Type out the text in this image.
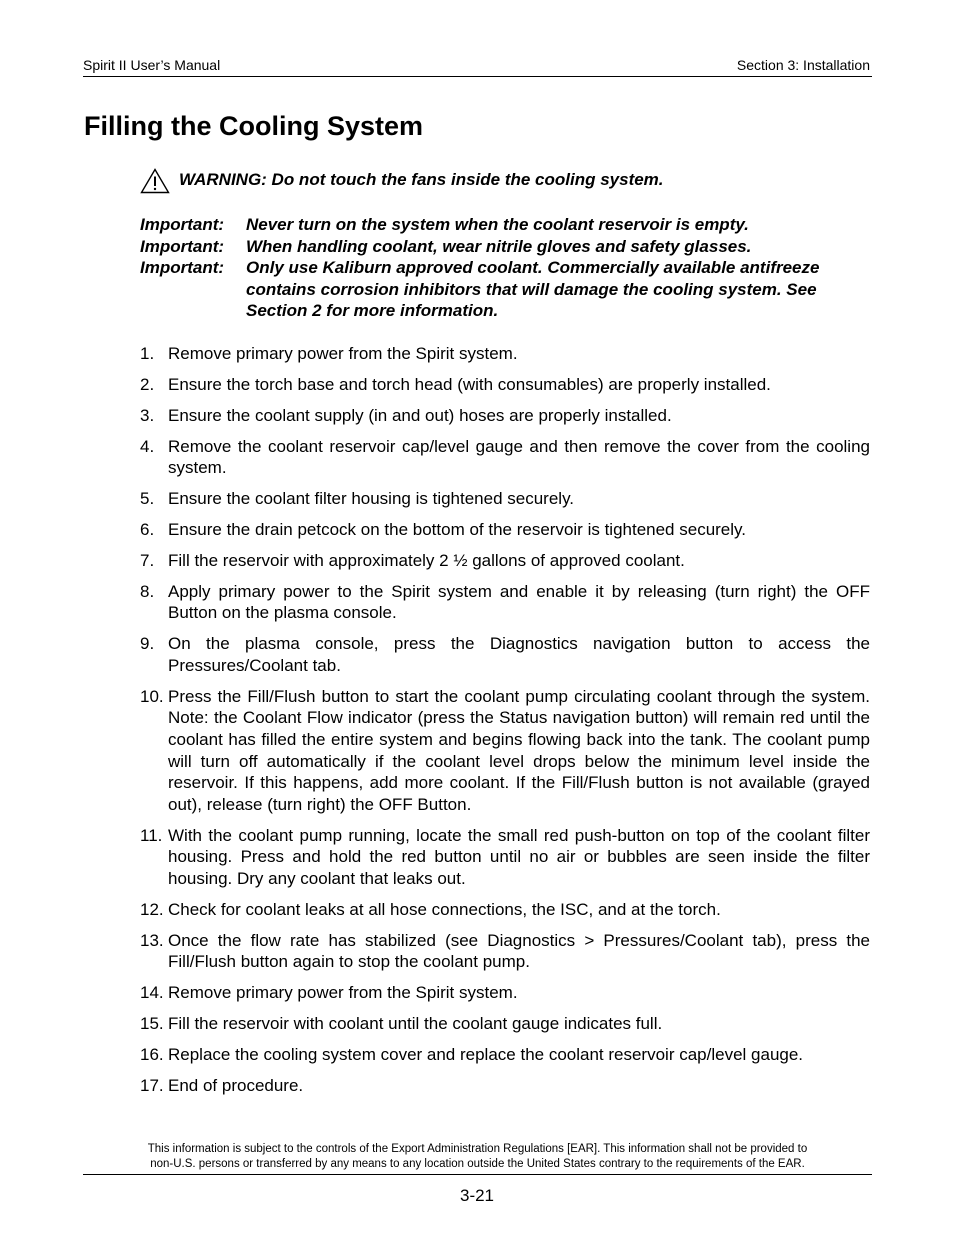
Spirit II User’s Manual	Section 3: Installation
Filling the Cooling System
WARNING: Do not touch the fans inside the cooling system.
Important:	Never turn on the system when the coolant reservoir is empty.
Important:	When handling coolant, wear nitrile gloves and safety glasses.
Important:	Only use Kaliburn approved coolant. Commercially available antifreeze contains corrosion inhibitors that will damage the cooling system. See Section 2 for more information.
1. Remove primary power from the Spirit system.
2. Ensure the torch base and torch head (with consumables) are properly installed.
3. Ensure the coolant supply (in and out) hoses are properly installed.
4. Remove the coolant reservoir cap/level gauge and then remove the cover from the cooling system.
5. Ensure the coolant filter housing is tightened securely.
6. Ensure the drain petcock on the bottom of the reservoir is tightened securely.
7. Fill the reservoir with approximately 2 ½ gallons of approved coolant.
8. Apply primary power to the Spirit system and enable it by releasing (turn right) the OFF Button on the plasma console.
9. On the plasma console, press the Diagnostics navigation button to access the Pressures/Coolant tab.
10. Press the Fill/Flush button to start the coolant pump circulating coolant through the system. Note: the Coolant Flow indicator (press the Status navigation button) will remain red until the coolant has filled the entire system and begins flowing back into the tank. The coolant pump will turn off automatically if the coolant level drops below the minimum level inside the reservoir. If this happens, add more coolant. If the Fill/Flush button is not available (grayed out), release (turn right) the OFF Button.
11. With the coolant pump running, locate the small red push-button on top of the coolant filter housing. Press and hold the red button until no air or bubbles are seen inside the filter housing. Dry any coolant that leaks out.
12. Check for coolant leaks at all hose connections, the ISC, and at the torch.
13. Once the flow rate has stabilized (see Diagnostics > Pressures/Coolant tab), press the Fill/Flush button again to stop the coolant pump.
14. Remove primary power from the Spirit system.
15. Fill the reservoir with coolant until the coolant gauge indicates full.
16. Replace the cooling system cover and replace the coolant reservoir cap/level gauge.
17. End of procedure.
This information is subject to the controls of the Export Administration Regulations [EAR]. This information shall not be provided to
non-U.S. persons or transferred by any means to any location outside the United States contrary to the requirements of the EAR.
3-21
